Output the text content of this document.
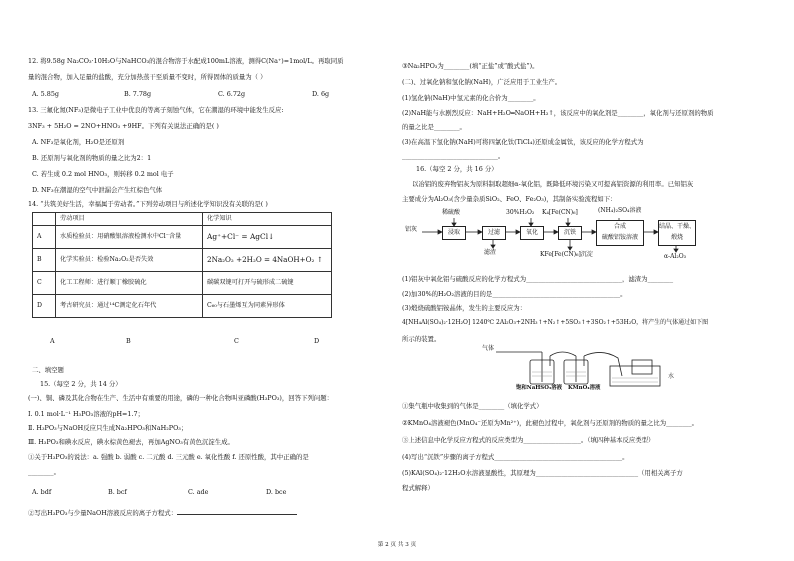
12. 将9.58g Na₂CO₃·10H₂O与NaHCO₃的混合物溶于水配成100mL溶液，测得C(Na⁺)=1mol/L。再取同质
量的混合物，加入足量的盐酸，充分加热蒸干至质量不变时，所得固体的质量为（ ）
A. 5.85g	B. 7.78g	C. 6.72g	D. 6g
13. 三氟化氮(NF₃)是微电子工业中优良的等离子刻蚀气体，它在潮湿的环境中能发生反应:
3NF₃ + 5H₂O = 2NO+HNO₃ +9HF。下列有关说法正确的是( )
A. NF₃是氧化剂，H₂O是还原剂
B. 还原剂与氧化剂的物质的量之比为2：1
C. 若生成 0.2 mol HNO₃，则转移 0.2 mol 电子
D. NF₃在潮湿的空气中泄漏会产生红棕色气体
14. “共筑美好生活，幸福属于劳动者。”下列劳动项目与所述化学知识没有关联的是( )
	劳动项目	化学知识
A	水质检验员：用硝酸银溶液检测水中Cl⁻含量	Ag⁺+Cl⁻ = AgCl↓
B	化学实验员：检验Na₂O₂是否失效	2Na₂O₂ +2H₂O = 4NaOH+O₂ ↑
C	化工工程师：进行顺丁橡胶硫化	碳碳双键可打开与硫形成二硫键
D	考古研究员：通过¹⁴C测定化石年代	C₆₀与石墨烯互为同素异形体
A	B	C	D
二、填空题
15.（每空 2 分，共 14 分）
(一)、铜、磷及其化合物在生产、生活中有重要的用途，磷的一种化合物叫亚磷酸(H₃PO₃)，回答下列问题：
Ⅰ. 0.1 mol·L⁻¹ H₃PO₃溶液的pH=1.7；
Ⅱ. H₃PO₃与NaOH反应只生成Na₂HPO₃和NaH₂PO₃；
Ⅲ. H₃PO₃和碘水反应，碘水棕黄色褪去，再加AgNO₃有黄色沉淀生成。
①关于H₃PO₃的说法：a. 强酸 b. 弱酸 c. 二元酸 d. 三元酸 e. 氧化性酸 f. 还原性酸，其中正确的是
________。
A. bdf	B. bcf	C. ade	D. bce
②写出H₃PO₃与少量NaOH溶液反应的离子方程式：
③Na₂HPO₃为________(填“正盐”或“酸式盐”)。
(二)、过氧化钠和氢化钠(NaH)，广泛应用于工业生产。
(1)氢化钠(NaH)中氢元素的化合价为________。
(2)NaH能与水剧烈反应：NaH+H₂O═NaOH+H₂↑，该反应中的氧化剂是________，氧化剂与还原剂的物质
的量之比是________。
(3)在高温下氢化钠(NaH)可将四氯化钛(TiCl₄)还原成金属钛，该反应的化学方程式为
______________________________。
16.（每空 2 分，共 16 分）
以冶铝的废弃物铝灰为原料制取超细α-氧化铝，既降低环境污染又可提高铝资源的利用率。已知铝灰
主要成分为Al₂O₃(含少量杂质SiO₂、FeO、Fe₂O₃)，其制备实验流程如下：
稀硫酸	30%H₂O₂ K₄[Fe(CN)₆]	(NH₄)₂SO₄溶液
铝灰	浸取	过滤	氧化	沉铁
合成
硫酸铝铵溶液
结晶、干燥、煅烧
滤渣	KFe[Fe(CN)₆]沉淀	α-Al₂O₃
(1)铝灰中氧化铝与硫酸反应的化学方程式为______________________________，滤渣为________
(2)加30%的H₂O₂溶液的目的是________________________________________。
(3)煅烧硫酸铝铵晶体，发生的主要反应为：
4[NH₄Al(SO₄)₂·12H₂O] 1240℃ 2Al₂O₃+2NH₃↑+N₂↑+5SO₃↑+3SO₂↑+53H₂O，将产生的气体通过如下图
所示的装置。
气体
饱和NaHSO₃溶液 KMnO₄溶液
水
①集气瓶中收集到的气体是________（填化学式）
②KMnO₄溶液褪色(MnO₄⁻还原为Mn²⁺)，此褪色过程中，氧化剂与还原剂的物质的量之比为________。
③上述信息中化学反应方程式的反应类型为__________________。（填四种基本反应类型）
(4)写出“沉铁”步骤的离子方程式________________________________________。
(5)KAl(SO₄)₂·12H₂O水溶液显酸性，其原理为________________________________（用相关离子方
程式解释）
第 2 页 共 3 页
